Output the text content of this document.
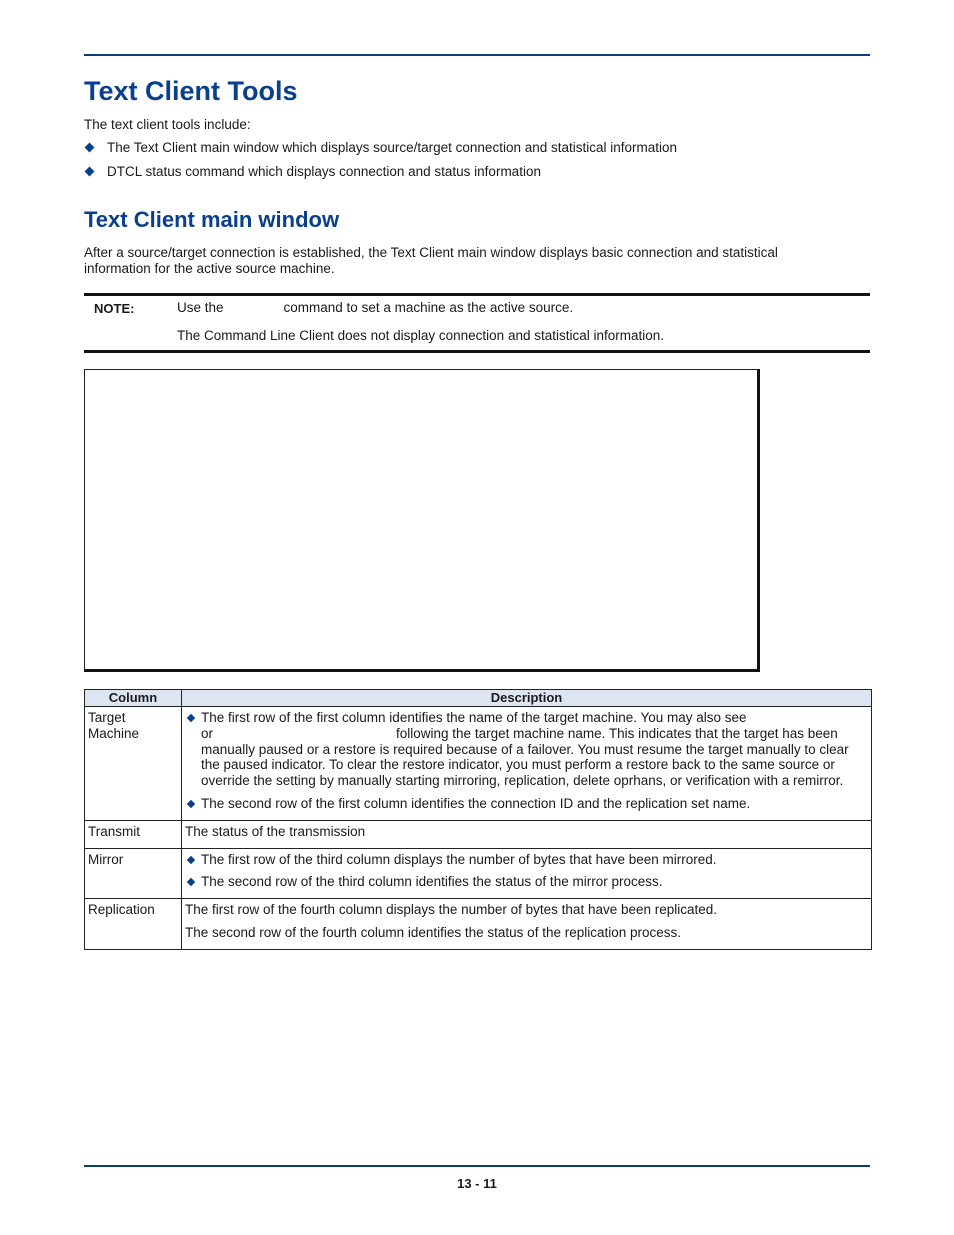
Text Client Tools

The text client tools include:

The Text Client main window which displays source/target connection and statistical information
DTCL status command which displays connection and status information
Text Client main window

After a source/target connection is established, the Text Client main window displays basic connection and statistical information for the active source machine.

NOTE:	Use the	command to set a machine as the active source.
The Command Line Client does not display connection and statistical information.
Column	Description
Target Machine	The first row of the first column identifies the name of the target machine. You may also see
or following the target machine name. This indicates that the target has been manually paused or a restore is required because of a failover. You must resume the target manually to clear the paused indicator. To clear the restore indicator, you must perform a restore back to the same source or override the setting by manually starting mirroring, replication, delete oprhans, or verification with a remirror.
The second row of the first column identifies the connection ID and the replication set name.

Transmit	The status of the transmission
Mirror	The first row of the third column displays the number of bytes that have been mirrored.
The second row of the third column identifies the status of the mirror process.

Replication	The first row of the fourth column displays the number of bytes that have been replicated.
The second row of the fourth column identifies the status of the replication process.
13 - 11
